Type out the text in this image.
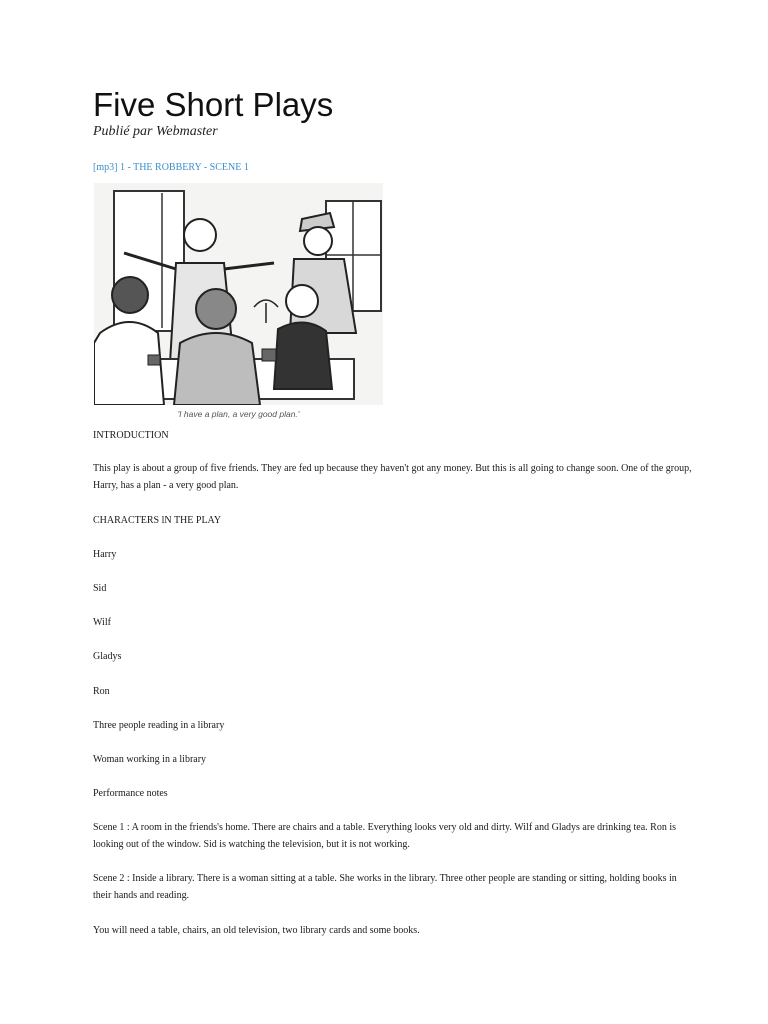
Five Short Plays
Publié par Webmaster
[mp3] 1 - THE ROBBERY - SCENE 1
'I have a plan, a very good plan.'

INTRODUCTION

This play is about a group of five friends. They are fed up because they haven't got any money. But this is all going to change soon. One of the group, Harry, has a plan - a very good plan.

CHARACTERS lN THE PLAY

Harry

Sid

Wilf

Gladys

Ron

Three people reading in a library

Woman working in a library

Performance notes

Scene 1 : A room in the friends's home. There are chairs and a table. Everything looks very old and dirty. Wilf and Gladys are drinking tea. Ron is looking out of the window. Sid is watching the television, but it is not working.

Scene 2 : Inside a library. There is a woman sitting at a table. She works in the library. Three other people are standing or sitting, holding books in their hands and reading.

You will need a table, chairs, an old television, two library cards and some books.
